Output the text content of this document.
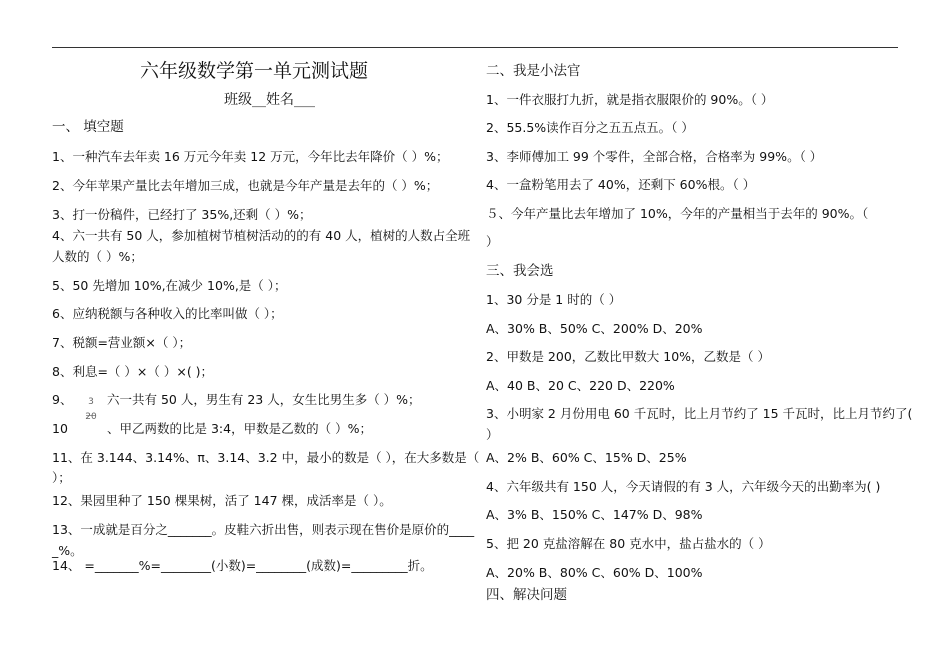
六年级数学第一单元测试题
班级__姓名___
一、 填空题
1、一种汽车去年卖 16 万元今年卖 12 万元，今年比去年降价（ ）%；
2、今年苹果产量比去年增加三成，也就是今年产量是去年的（ ）%；
3、打一份稿件，已经打了 35%,还剩（ ）%；
4、六一共有 50 人，参加植树节植树活动的的有 40 人，植树的人数占全班
人数的（ ）%；
5、50 先增加 10%,在减少 10%,是（ ）；
6、应纳税额与各种收入的比率叫做（ ）；
7、税额=营业额×（ ）；
8、利息=（ ）×（ ）×( )；
9、	3
20
六一共有 50 人，男生有 23 人，女生比男生多（ ）%；
10	、甲乙两数的比是 3:4，甲数是乙数的（ ）%；
11、在 3.144、3.14%、π、3.14、3.2 中，最小的数是（ ），在大多数是（
）；
12、果园里种了 150 棵果树，活了 147 棵，成活率是（ ）。
13、一成就是百分之_______。皮鞋六折出售，则表示现在售价是原价的____
_%。
14、 =_______%=________(小数)=________(成数)=_________折。
二、我是小法官
1、一件衣服打九折，就是指衣服限价的 90%。（ ）
2、55.5%读作百分之五五点五。（ ）
3、李师傅加工 99 个零件，全部合格，合格率为 99%。（ ）
4、一盒粉笔用去了 40%，还剩下 60%根。（ ）
５、今年产量比去年增加了 10%，今年的产量相当于去年的 90%。（
）
三、我会选
1、30 分是 1 时的（ ）
A、30% B、50% C、200% D、20%
2、甲数是 200，乙数比甲数大 10%，乙数是（ ）
A、40 B、20 C、220 D、220%
3、小明家 2 月份用电 60 千瓦时，比上月节约了 15 千瓦时，比上月节约了(
）
A、2% B、60% C、15% D、25%
4、六年级共有 150 人，今天请假的有 3 人，六年级今天的出勤率为( )
A、3% B、150% C、147% D、98%
5、把 20 克盐溶解在 80 克水中，盐占盐水的（ ）
A、20% B、80% C、60% D、100%
四、解决问题
